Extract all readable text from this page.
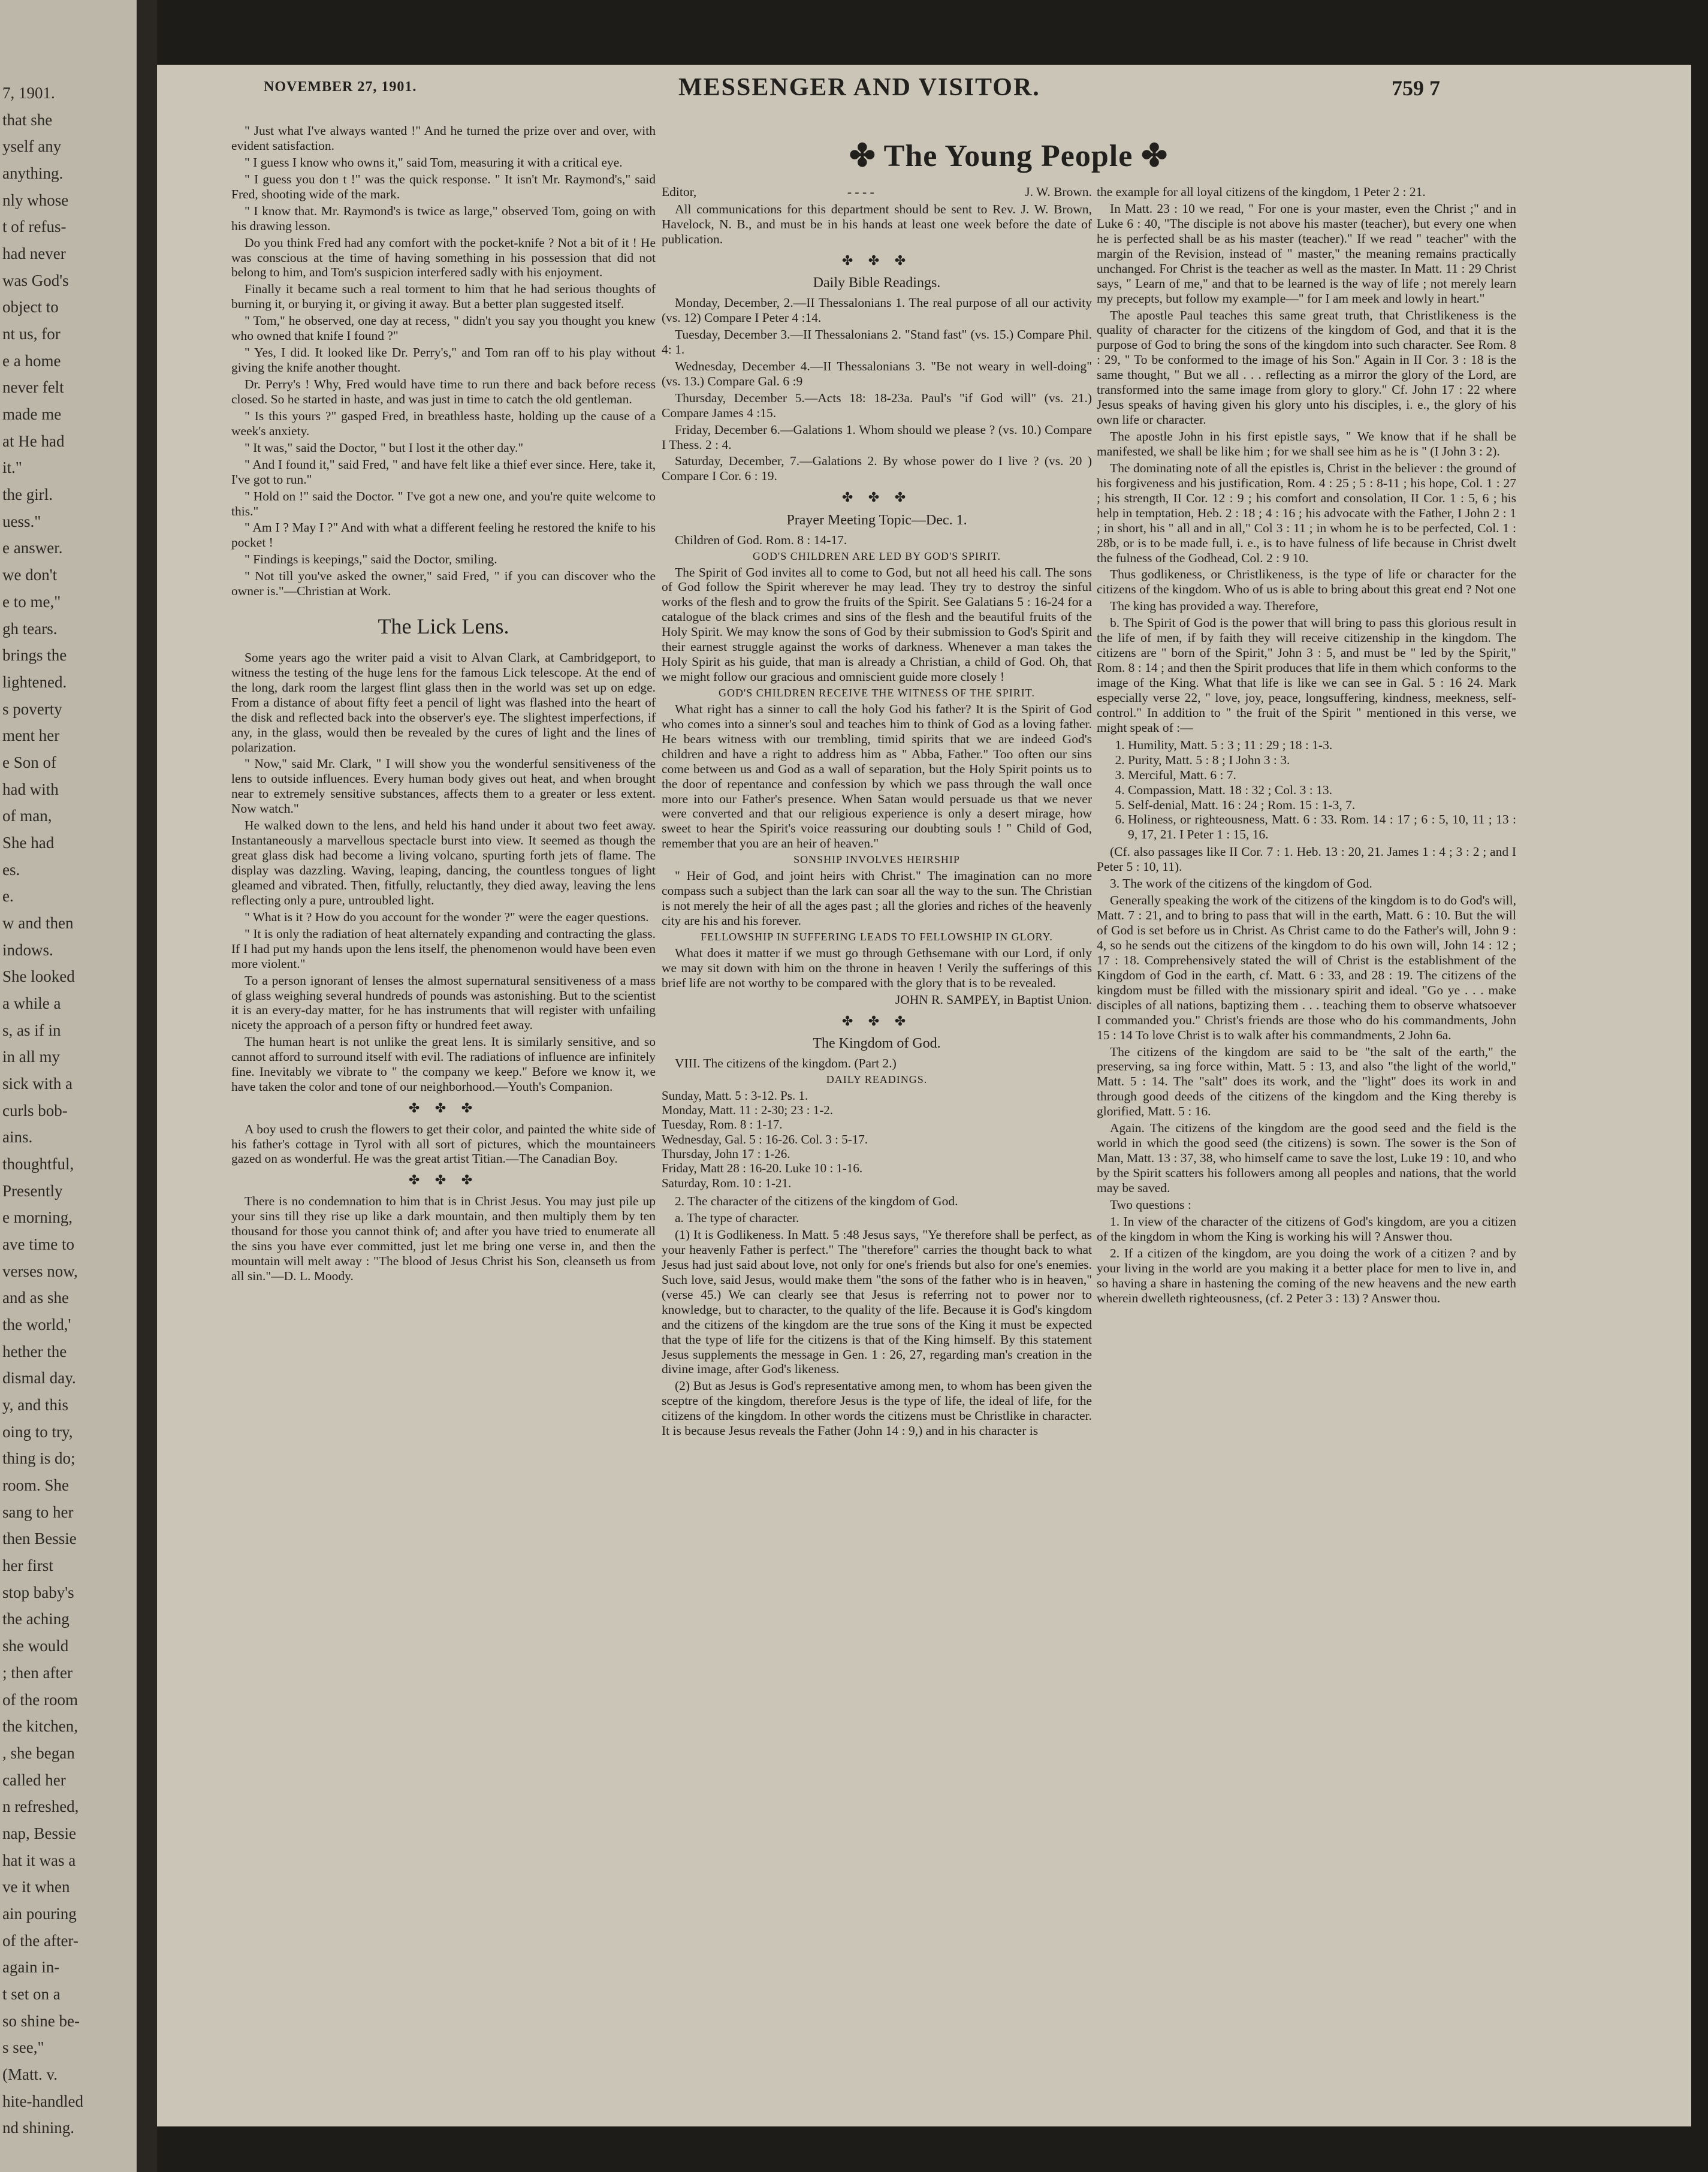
7, 1901.
that she
yself any
anything.
nly whose
t of refus-
had never
was God's
object to
nt us, for
e a home
never felt
made me
at He had
it."
the girl.
uess."
e answer.
we don't
e to me,"
gh tears.
brings the
lightened.
s poverty
ment her
e Son of
had with
of man,
She had
es.
e.
w and then
indows.
She looked
a while a
s, as if in
in all my
sick with a
curls bob-
ains.
thoughtful,
Presently
e morning,
ave time to
verses now,
and as she
the world,'
hether the
dismal day.
y, and this
oing to try,
thing is do;
room. She
sang to her
then Bessie
her first
stop baby's
the aching
she would
; then after
of the room
the kitchen,
, she began
called her
n refreshed,
nap, Bessie
hat it was a
ve it when
ain pouring
of the after-
again in-
t set on a
so shine be-
s see,"
(Matt. v.
hite-handled
nd shining.
NOVEMBER 27, 1901.	MESSENGER AND VISITOR.	759 7

" Just what I've always wanted !" And he turned the prize over and over, with evident satisfaction.

" I guess I know who owns it," said Tom, measuring it with a critical eye.

" I guess you don t !" was the quick response. " It isn't Mr. Raymond's," said Fred, shooting wide of the mark.

" I know that. Mr. Raymond's is twice as large," observed Tom, going on with his drawing lesson.

Do you think Fred had any comfort with the pocket-knife ? Not a bit of it ! He was conscious at the time of having something in his possession that did not belong to him, and Tom's suspicion interfered sadly with his enjoyment.

Finally it became such a real torment to him that he had serious thoughts of burning it, or burying it, or giving it away. But a better plan suggested itself.

" Tom," he observed, one day at recess, " didn't you say you thought you knew who owned that knife I found ?"

" Yes, I did. It looked like Dr. Perry's," and Tom ran off to his play without giving the knife another thought.

Dr. Perry's ! Why, Fred would have time to run there and back before recess closed. So he started in haste, and was just in time to catch the old gentleman.

" Is this yours ?" gasped Fred, in breathless haste, holding up the cause of a week's anxiety.

" It was," said the Doctor, " but I lost it the other day."

" And I found it," said Fred, " and have felt like a thief ever since. Here, take it, I've got to run."

" Hold on !" said the Doctor. " I've got a new one, and you're quite welcome to this."

" Am I ? May I ?" And with what a different feeling he restored the knife to his pocket !

" Findings is keepings," said the Doctor, smiling.

" Not till you've asked the owner," said Fred, " if you can discover who the owner is."—Christian at Work.

The Lick Lens.

Some years ago the writer paid a visit to Alvan Clark, at Cambridgeport, to witness the testing of the huge lens for the famous Lick telescope. At the end of the long, dark room the largest flint glass then in the world was set up on edge. From a distance of about fifty feet a pencil of light was flashed into the heart of the disk and reflected back into the observer's eye. The slightest imperfections, if any, in the glass, would then be revealed by the cures of light and the lines of polarization.

" Now," said Mr. Clark, " I will show you the wonderful sensitiveness of the lens to outside influences. Every human body gives out heat, and when brought near to extremely sensitive substances, affects them to a greater or less extent. Now watch."

He walked down to the lens, and held his hand under it about two feet away. Instantaneously a marvellous spectacle burst into view. It seemed as though the great glass disk had become a living volcano, spurting forth jets of flame. The display was dazzling. Waving, leaping, dancing, the countless tongues of light gleamed and vibrated. Then, fitfully, reluctantly, they died away, leaving the lens reflecting only a pure, untroubled light.

" What is it ? How do you account for the wonder ?" were the eager questions.

" It is only the radiation of heat alternately expanding and contracting the glass. If I had put my hands upon the lens itself, the phenomenon would have been even more violent."

To a person ignorant of lenses the almost supernatural sensitiveness of a mass of glass weighing several hundreds of pounds was astonishing. But to the scientist it is an every-day matter, for he has instruments that will register with unfailing nicety the approach of a person fifty or hundred feet away.

The human heart is not unlike the great lens. It is similarly sensitive, and so cannot afford to surround itself with evil. The radiations of influence are infinitely fine. Inevitably we vibrate to " the company we keep." Before we know it, we have taken the color and tone of our neighborhood.—Youth's Companion.

✤ ✤ ✤

A boy used to crush the flowers to get their color, and painted the white side of his father's cottage in Tyrol with all sort of pictures, which the mountaineers gazed on as wonderful. He was the great artist Titian.—The Canadian Boy.

✤ ✤ ✤

There is no condemnation to him that is in Christ Jesus. You may just pile up your sins till they rise up like a dark mountain, and then multiply them by ten thousand for those you cannot think of; and after you have tried to enumerate all the sins you have ever committed, just let me bring one verse in, and then the mountain will melt away : "The blood of Jesus Christ his Son, cleanseth us from all sin."—D. L. Moody.

✤ The Young People ✤
Editor,	- - - -	J. W. Brown.

All communications for this department should be sent to Rev. J. W. Brown, Havelock, N. B., and must be in his hands at least one week before the date of publication.

✤ ✤ ✤
Daily Bible Readings.

Monday, December, 2.—II Thessalonians 1. The real purpose of all our activity (vs. 12) Compare I Peter 4 :14.

Tuesday, December 3.—II Thessalonians 2. "Stand fast" (vs. 15.) Compare Phil. 4: 1.

Wednesday, December 4.—II Thessalonians 3. "Be not weary in well-doing" (vs. 13.) Compare Gal. 6 :9

Thursday, December 5.—Acts 18: 18-23a. Paul's "if God will" (vs. 21.) Compare James 4 :15.

Friday, December 6.—Galations 1. Whom should we please ? (vs. 10.) Compare I Thess. 2 : 4.

Saturday, December, 7.—Galations 2. By whose power do I live ? (vs. 20 ) Compare I Cor. 6 : 19.

✤ ✤ ✤
Prayer Meeting Topic—Dec. 1.

Children of God. Rom. 8 : 14-17.

GOD'S CHILDREN ARE LED BY GOD'S SPIRIT.

The Spirit of God invites all to come to God, but not all heed his call. The sons of God follow the Spirit wherever he may lead. They try to destroy the sinful works of the flesh and to grow the fruits of the Spirit. See Galatians 5 : 16-24 for a catalogue of the black crimes and sins of the flesh and the beautiful fruits of the Holy Spirit. We may know the sons of God by their submission to God's Spirit and their earnest struggle against the works of darkness. Whenever a man takes the Holy Spirit as his guide, that man is already a Christian, a child of God. Oh, that we might follow our gracious and omniscient guide more closely !

GOD'S CHILDREN RECEIVE THE WITNESS OF THE SPIRIT.

What right has a sinner to call the holy God his father? It is the Spirit of God who comes into a sinner's soul and teaches him to think of God as a loving father. He bears witness with our trembling, timid spirits that we are indeed God's children and have a right to address him as " Abba, Father." Too often our sins come between us and God as a wall of separation, but the Holy Spirit points us to the door of repentance and confession by which we pass through the wall once more into our Father's presence. When Satan would persuade us that we never were converted and that our religious experience is only a desert mirage, how sweet to hear the Spirit's voice reassuring our doubting souls ! " Child of God, remember that you are an heir of heaven."

SONSHIP INVOLVES HEIRSHIP

" Heir of God, and joint heirs with Christ." The imagination can no more compass such a subject than the lark can soar all the way to the sun. The Christian is not merely the heir of all the ages past ; all the glories and riches of the heavenly city are his and his forever.

FELLOWSHIP IN SUFFERING LEADS TO FELLOWSHIP IN GLORY.

What does it matter if we must go through Gethsemane with our Lord, if only we may sit down with him on the throne in heaven ! Verily the sufferings of this brief life are not worthy to be compared with the glory that is to be revealed.

JOHN R. SAMPEY, in Baptist Union.

✤ ✤ ✤
The Kingdom of God.

VIII. The citizens of the kingdom. (Part 2.)

DAILY READINGS.
Sunday, Matt. 5 : 3-12. Ps. 1.
Monday, Matt. 11 : 2-30; 23 : 1-2.
Tuesday, Rom. 8 : 1-17.
Wednesday, Gal. 5 : 16-26. Col. 3 : 5-17.
Thursday, John 17 : 1-26.
Friday, Matt 28 : 16-20. Luke 10 : 1-16.
Saturday, Rom. 10 : 1-21.

2. The character of the citizens of the kingdom of God.

a. The type of character.

(1) It is Godlikeness. In Matt. 5 :48 Jesus says, "Ye therefore shall be perfect, as your heavenly Father is perfect." The "therefore" carries the thought back to what Jesus had just said about love, not only for one's friends but also for one's enemies. Such love, said Jesus, would make them "the sons of the father who is in heaven," (verse 45.) We can clearly see that Jesus is referring not to power nor to knowledge, but to character, to the quality of the life. Because it is God's kingdom and the citizens of the kingdom are the true sons of the King it must be expected that the type of life for the citizens is that of the King himself. By this statement Jesus supplements the message in Gen. 1 : 26, 27, regarding man's creation in the divine image, after God's likeness.

(2) But as Jesus is God's representative among men, to whom has been given the sceptre of the kingdom, therefore Jesus is the type of life, the ideal of life, for the citizens of the kingdom. In other words the citizens must be Christlike in character. It is because Jesus reveals the Father (John 14 : 9,) and in his character is

the example for all loyal citizens of the kingdom, 1 Peter 2 : 21.

In Matt. 23 : 10 we read, " For one is your master, even the Christ ;" and in Luke 6 : 40, "The disciple is not above his master (teacher), but every one when he is perfected shall be as his master (teacher)." If we read " teacher" with the margin of the Revision, instead of " master," the meaning remains practically unchanged. For Christ is the teacher as well as the master. In Matt. 11 : 29 Christ says, " Learn of me," and that to be learned is the way of life ; not merely learn my precepts, but follow my example—" for I am meek and lowly in heart."

The apostle Paul teaches this same great truth, that Christlikeness is the quality of character for the citizens of the kingdom of God, and that it is the purpose of God to bring the sons of the kingdom into such character. See Rom. 8 : 29, " To be conformed to the image of his Son." Again in II Cor. 3 : 18 is the same thought, " But we all . . . reflecting as a mirror the glory of the Lord, are transformed into the same image from glory to glory." Cf. John 17 : 22 where Jesus speaks of having given his glory unto his disciples, i. e., the glory of his own life or character.

The apostle John in his first epistle says, " We know that if he shall be manifested, we shall be like him ; for we shall see him as he is " (I John 3 : 2).

The dominating note of all the epistles is, Christ in the believer : the ground of his forgiveness and his justification, Rom. 4 : 25 ; 5 : 8-11 ; his hope, Col. 1 : 27 ; his strength, II Cor. 12 : 9 ; his comfort and consolation, II Cor. 1 : 5, 6 ; his help in temptation, Heb. 2 : 18 ; 4 : 16 ; his advocate with the Father, I John 2 : 1 ; in short, his " all and in all," Col 3 : 11 ; in whom he is to be perfected, Col. 1 : 28b, or is to be made full, i. e., is to have fulness of life because in Christ dwelt the fulness of the Godhead, Col. 2 : 9 10.

Thus godlikeness, or Christlikeness, is the type of life or character for the citizens of the kingdom. Who of us is able to bring about this great end ? Not one

The king has provided a way. Therefore,

b. The Spirit of God is the power that will bring to pass this glorious result in the life of men, if by faith they will receive citizenship in the kingdom. The citizens are " born of the Spirit," John 3 : 5, and must be " led by the Spirit," Rom. 8 : 14 ; and then the Spirit produces that life in them which conforms to the image of the King. What that life is like we can see in Gal. 5 : 16 24. Mark especially verse 22, " love, joy, peace, longsuffering, kindness, meekness, self-control." In addition to " the fruit of the Spirit " mentioned in this verse, we might speak of :—

1. Humility, Matt. 5 : 3 ; 11 : 29 ; 18 : 1-3.
2. Purity, Matt. 5 : 8 ; I John 3 : 3.
3. Merciful, Matt. 6 : 7.
4. Compassion, Matt. 18 : 32 ; Col. 3 : 13.
5. Self-denial, Matt. 16 : 24 ; Rom. 15 : 1-3, 7.
6. Holiness, or righteousness, Matt. 6 : 33. Rom. 14 : 17 ; 6 : 5, 10, 11 ; 13 : 9, 17, 21. I Peter 1 : 15, 16.

(Cf. also passages like II Cor. 7 : 1. Heb. 13 : 20, 21. James 1 : 4 ; 3 : 2 ; and I Peter 5 : 10, 11).

3. The work of the citizens of the kingdom of God.

Generally speaking the work of the citizens of the kingdom is to do God's will, Matt. 7 : 21, and to bring to pass that will in the earth, Matt. 6 : 10. But the will of God is set before us in Christ. As Christ came to do the Father's will, John 9 : 4, so he sends out the citizens of the kingdom to do his own will, John 14 : 12 ; 17 : 18. Comprehensively stated the will of Christ is the establishment of the Kingdom of God in the earth, cf. Matt. 6 : 33, and 28 : 19. The citizens of the kingdom must be filled with the missionary spirit and ideal. "Go ye . . . make disciples of all nations, baptizing them . . . teaching them to observe whatsoever I commanded you." Christ's friends are those who do his commandments, John 15 : 14 To love Christ is to walk after his commandments, 2 John 6a.

The citizens of the kingdom are said to be "the salt of the earth," the preserving, sa ing force within, Matt. 5 : 13, and also "the light of the world," Matt. 5 : 14. The "salt" does its work, and the "light" does its work in and through good deeds of the citizens of the kingdom and the King thereby is glorified, Matt. 5 : 16.

Again. The citizens of the kingdom are the good seed and the field is the world in which the good seed (the citizens) is sown. The sower is the Son of Man, Matt. 13 : 37, 38, who himself came to save the lost, Luke 19 : 10, and who by the Spirit scatters his followers among all peoples and nations, that the world may be saved.

Two questions :

1. In view of the character of the citizens of God's kingdom, are you a citizen of the kingdom in whom the King is working his will ? Answer thou.

2. If a citizen of the kingdom, are you doing the work of a citizen ? and by your living in the world are you making it a better place for men to live in, and so having a share in hastening the coming of the new heavens and the new earth wherein dwelleth righteousness, (cf. 2 Peter 3 : 13) ? Answer thou.
